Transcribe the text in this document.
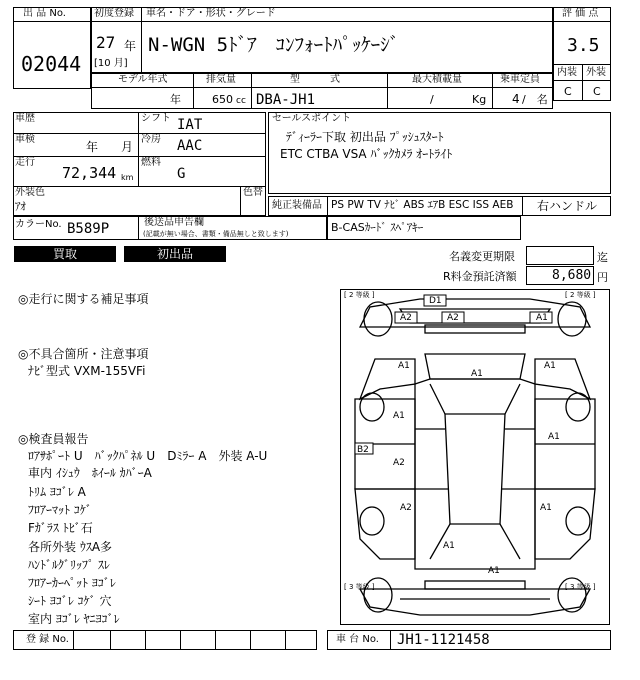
出 品 No.
02044
初度登録 車名・ドア・形状・グレード
27 年
[10 月]
N-WGN 5ﾄﾞｱ　ｺﾝﾌｫｰﾄﾊﾟｯｹｰｼﾞ
評 価 点
3.5
内装 外装
C C
モデル年式	排気量	型　　　式	最大積載量	乗車定員
年	650 cc DBA-JH1	/	Kg 4 /　名
車歴	シフト IAT
車検
年 月
冷房 AAC
走行
72,344 km
燃料
G
外装色
ｱｵ
色替
カラーNo. B589P	後送品申告欄
(記載が無い場合、書類・備品無しと致します)
セールスポイント
ﾃﾞｨｰﾗｰ下取 初出品 ﾌﾟｯｼｭｽﾀｰﾄ
ETC CTBA VSA ﾊﾞｯｸｶﾒﾗ ｵｰﾄﾗｲﾄ
純正装備品 PS PW TV ﾅﾋﾞ ABS ｴｱB ESC ISS AEB 右ハンドル
B-CASｶｰﾄﾞ ｽﾍﾟｱｷｰ
買取	初出品	名義変更期限	迄
R料金預託済額	8,680 円
◎走行に関する補足事項
◎不具合箇所・注意事項
ﾅﾋﾞ型式 VXM-155VFi
◎検査員報告
ﾛｱｻﾎﾟｰﾄ U　ﾊﾞｯｸﾊﾟﾈﾙ U　Dﾐﾗｰ A　外装 A-U
車内 ｲｼｭｳ　ﾎｲｰﾙ ｶﾊﾞｰA
ﾄﾘﾑ ﾖｺﾞﾚ A
ﾌﾛｱｰﾏｯﾄ ｺｹﾞ
Fｶﾞﾗｽ ﾄﾋﾞ石
各所外装 ｳｽA多
ﾊﾝﾄﾞﾙｸﾞﾘｯﾌﾟ ｽﾚ
ﾌﾛｱｰｶｰﾍﾟｯﾄ ﾖｺﾞﾚ
ｼｰﾄ ﾖｺﾞﾚ ｺｹﾞ 穴
室内 ﾖｺﾞﾚ ﾔﾆﾖｺﾞﾚ
[ 2 等級 ]	[ 2 等級 ]
[ 3 等級 ]	[ 3 等級 ]
D1
A2	A2	A1
A1
A1
A1
A1
A1
B2
A2
A2	A1
A1
A1
登 録 No.	車 台 No. JH1-1121458
